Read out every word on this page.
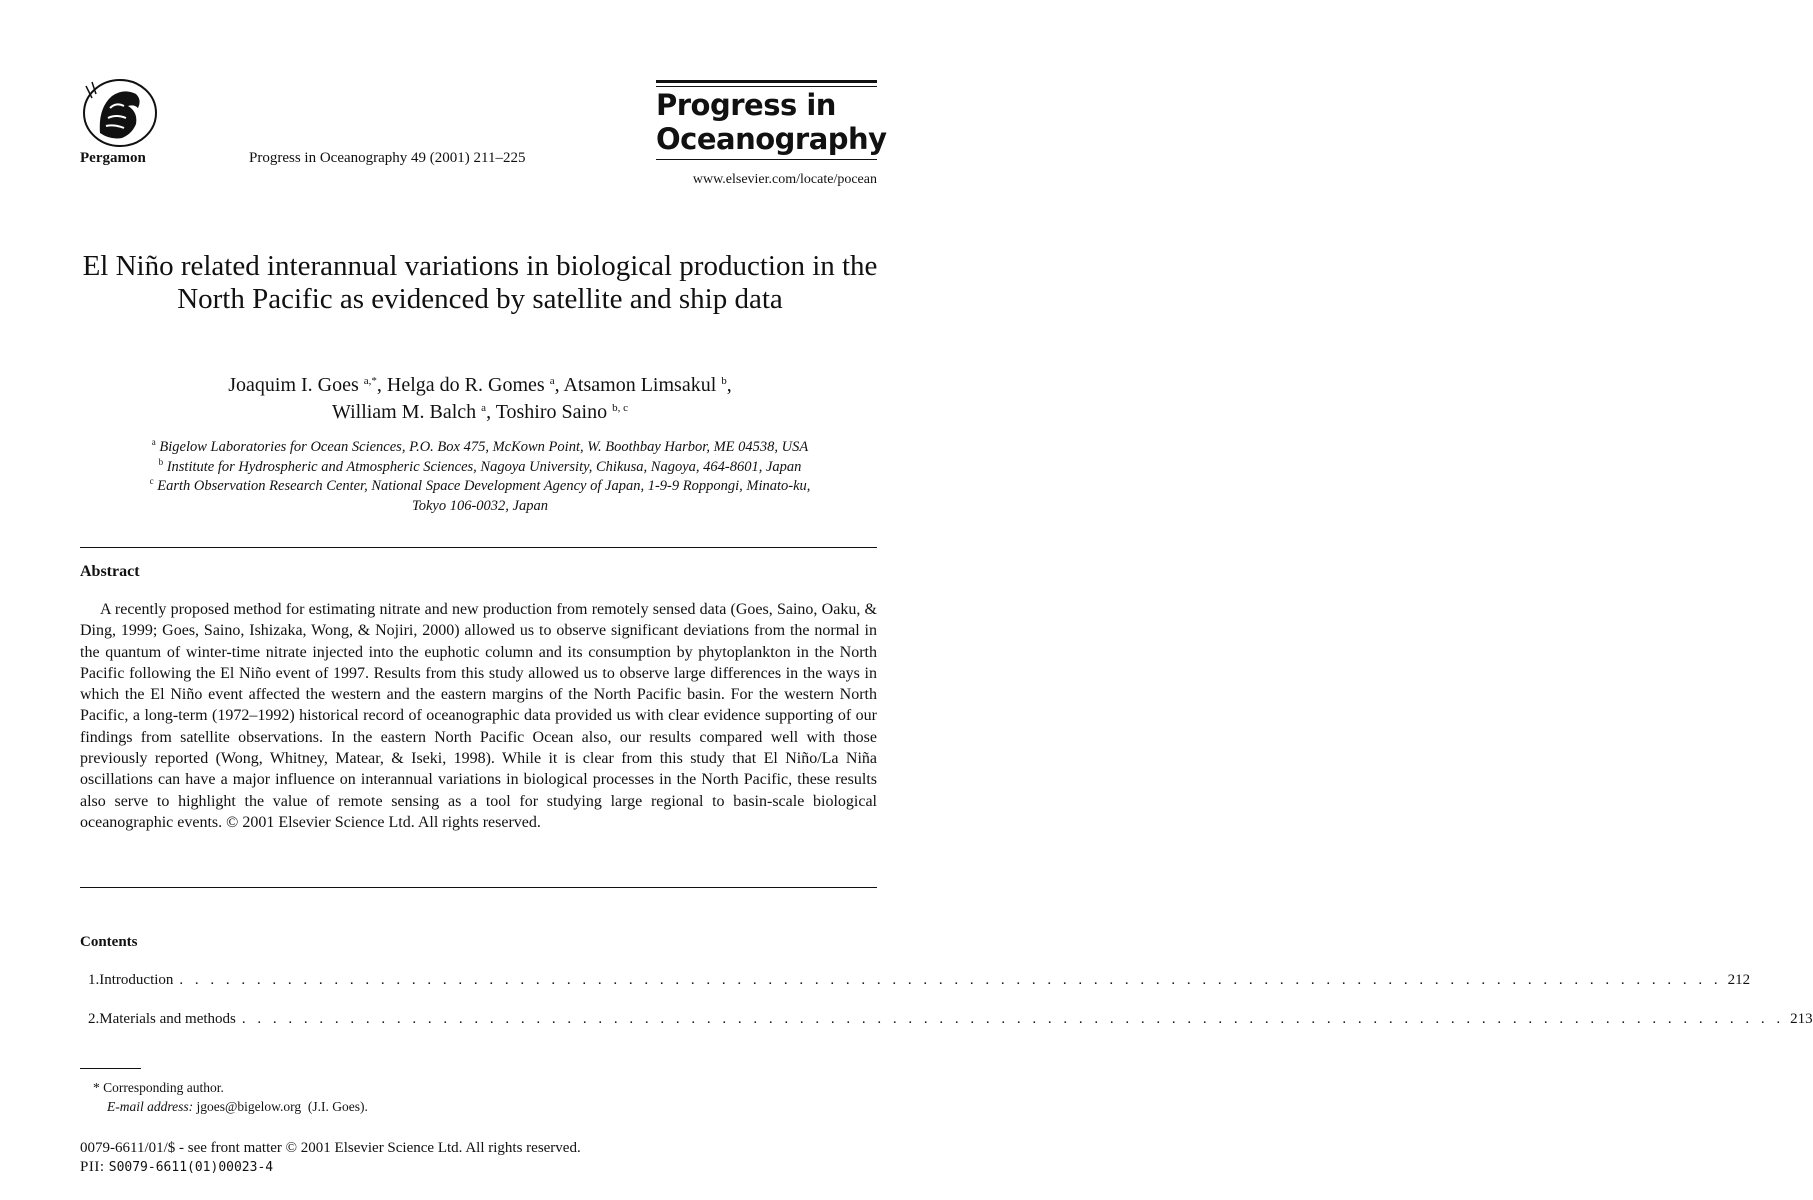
Pergamon	Progress in Oceanography 49 (2001) 211–225
Progress in
Oceanography
www.elsevier.com/locate/pocean
El Niño related interannual variations in biological production in the North Pacific as evidenced by satellite and ship data
Joaquim I. Goes $^{a,*}$, Helga do R. Gomes $^a$, Atsamon Limsakul $^b$,
William M. Balch $^a$, Toshiro Saino $^{b, c}$
$^a$ Bigelow Laboratories for Ocean Sciences, P.O. Box 475, McKown Point, W. Boothbay Harbor, ME 04538, USA
$^b$ Institute for Hydrospheric and Atmospheric Sciences, Nagoya University, Chikusa, Nagoya, 464-8601, Japan
$^c$ Earth Observation Research Center, National Space Development Agency of Japan, 1-9-9 Roppongi, Minato-ku,
Tokyo 106-0032, Japan
Abstract
A recently proposed method for estimating nitrate and new production from remotely sensed data (Goes, Saino, Oaku, & Ding, 1999; Goes, Saino, Ishizaka, Wong, & Nojiri, 2000) allowed us to observe significant deviations from the normal in the quantum of winter-time nitrate injected into the euphotic column and its consumption by phytoplankton in the North Pacific following the El Niño event of 1997. Results from this study allowed us to observe large differences in the ways in which the El Niño event affected the western and the eastern margins of the North Pacific basin. For the western North Pacific, a long-term (1972–1992) historical record of oceanographic data provided us with clear evidence supporting of our findings from satellite observations. In the eastern North Pacific Ocean also, our results compared well with those previously reported (Wong, Whitney, Matear, & Iseki, 1998). While it is clear from this study that El Niño/La Niña oscillations can have a major influence on interannual variations in biological processes in the North Pacific, these results also serve to highlight the value of remote sensing as a tool for studying large regional to basin-scale biological oceanographic events. © 2001 Elsevier Science Ltd. All rights reserved.
Contents
1. Introduction . . . . . . . . . . . . . . . . . . . . . . . . . . . . . . . . . . . . . . . . . . . . . . . . . . . . . . . . . . . . . . . . . . . . . . . . . . . . . . . . . . . . . . . . . . . . . . . . . . . . 212
2. Materials and methods . . . . . . . . . . . . . . . . . . . . . . . . . . . . . . . . . . . . . . . . . . . . . . . . . . . . . . . . . . . . . . . . . . . . . . . . . . . . . . . . . . . . . . . . . . . . . . . . . . . . 213
* Corresponding author.
E-mail address: jgoes@bigelow.org (J.I. Goes).
0079-6611/01/$ - see front matter © 2001 Elsevier Science Ltd. All rights reserved.
PII: S0079-6611(01)00023-4
